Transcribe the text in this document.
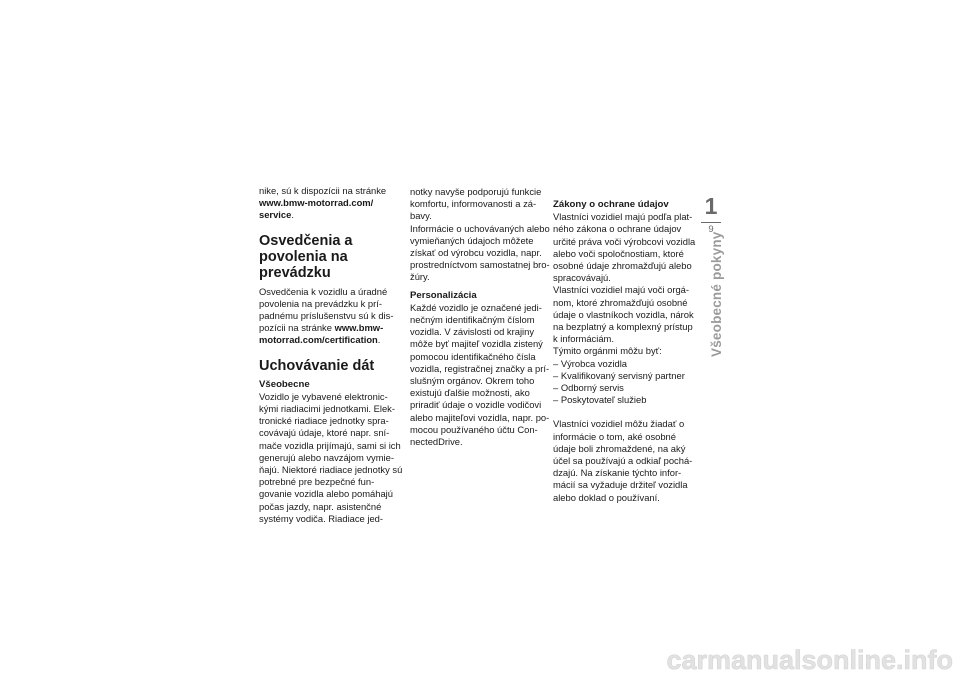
nike, sú k dispozícii na stránke
www.bmw-motorrad.com/ service.

Osvedčenia a povolenia na prevádzku

Osvedčenia k vozidlu a úradné povolenia na prevádzku k prí- padnému príslušenstvu sú k dis- pozícii na stránke www.bmw- motorrad.com/certification.

Uchovávanie dát
Všeobecne

Vozidlo je vybavené elektronic- kými riadiacimi jednotkami. Elek- tronické riadiace jednotky spra- covávajú údaje, ktoré napr. sní- mače vozidla prijímajú, sami si ich generujú alebo navzájom vymie- ňajú. Niektoré riadiace jednotky sú potrebné pre bezpečné fun- govanie vozidla alebo pomáhajú počas jazdy, napr. asistenčné systémy vodiča. Riadiace jed-

notky navyše podporujú funkcie komfortu, informovanosti a zá- bavy.

Informácie o uchovávaných alebo vymieňaných údajoch môžete získať od výrobcu vozidla, napr. prostredníctvom samostatnej bro- žúry.

Personalizácia

Každé vozidlo je označené jedi- nečným identifikačným číslom vozidla. V závislosti od krajiny môže byť majiteľ vozidla zistený pomocou identifikačného čísla vozidla, registračnej značky a prí- slušným orgánov. Okrem toho existujú ďalšie možnosti, ako priradiť údaje o vozidle vodičovi alebo majiteľovi vozidla, napr. po- mocou používaného účtu Con- nectedDrive.

Zákony o ochrane údajov

Vlastníci vozidiel majú podľa plat- ného zákona o ochrane údajov určité práva voči výrobcovi vozidla alebo voči spoločnostiam, ktoré osobné údaje zhromažďujú alebo spracovávajú.

Vlastníci vozidiel majú voči orgá- nom, ktoré zhromažďujú osobné údaje o vlastníkoch vozidla, nárok na bezplatný a komplexný prístup k informáciám.

Týmito orgánmi môžu byť:

– Výrobca vozidla

– Kvalifikovaný servisný partner

– Odborný servis

– Poskytovateľ služieb

Vlastníci vozidiel môžu žiadať o informácie o tom, aké osobné údaje boli zhromaždené, na aký účel sa používajú a odkiaľ pochá- dzajú. Na získanie týchto infor- mácií sa vyžaduje držiteľ vozidla alebo doklad o používaní.

1
9
Všeobecné pokyny
carmanualsonline.info
